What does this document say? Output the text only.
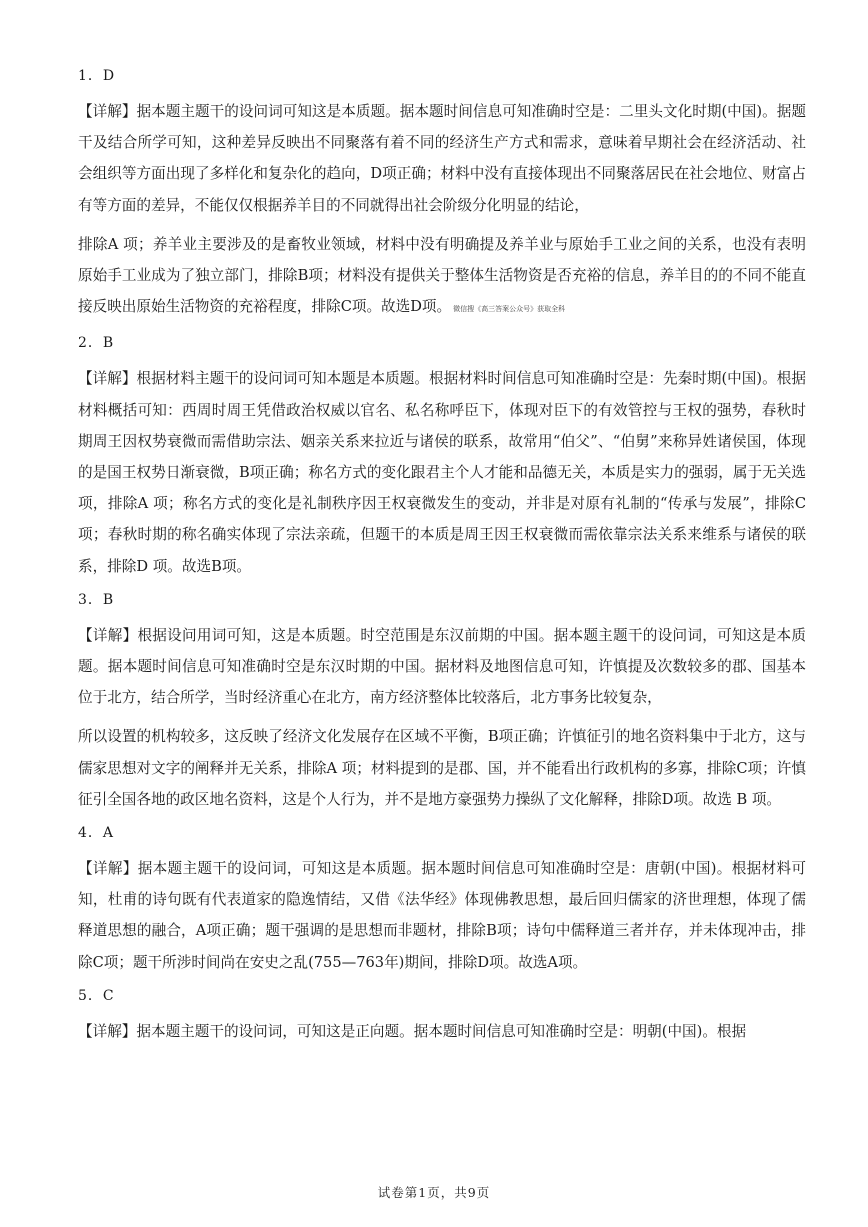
1．D
【详解】据本题主题干的设问词可知这是本质题。据本题时间信息可知准确时空是：二里头文化时期(中国)。据题干及结合所学可知，这种差异反映出不同聚落有着不同的经济生产方式和需求，意味着早期社会在经济活动、社会组织等方面出现了多样化和复杂化的趋向，D项正确；材料中没有直接体现出不同聚落居民在社会地位、财富占有等方面的差异，不能仅仅根据养羊目的不同就得出社会阶级分化明显的结论，
排除A 项；养羊业主要涉及的是畜牧业领域，材料中没有明确提及养羊业与原始手工业之间的关系，也没有表明原始手工业成为了独立部门，排除B项；材料没有提供关于整体生活物资是否充裕的信息，养羊目的的不同不能直接反映出原始生活物资的充裕程度，排除C项。故选D项。 微信搜《高三答案公众号》获取全科
2．B
【详解】根据材料主题干的设问词可知本题是本质题。根据材料时间信息可知准确时空是：先秦时期(中国)。根据材料概括可知：西周时周王凭借政治权威以官名、私名称呼臣下，体现对臣下的有效管控与王权的强势，春秋时期周王因权势衰微而需借助宗法、姻亲关系来拉近与诸侯的联系，故常用“伯父”、“伯舅”来称异姓诸侯国，体现的是国王权势日渐衰微，B项正确；称名方式的变化跟君主个人才能和品德无关，本质是实力的强弱，属于无关选项，排除A 项；称名方式的变化是礼制秩序因王权衰微发生的变动，并非是对原有礼制的“传承与发展”，排除C项；春秋时期的称名确实体现了宗法亲疏，但题干的本质是周王因王权衰微而需依靠宗法关系来维系与诸侯的联系，排除D 项。故选B项。
3．B
【详解】根据设问用词可知，这是本质题。时空范围是东汉前期的中国。据本题主题干的设问词，可知这是本质题。据本题时间信息可知准确时空是东汉时期的中国。据材料及地图信息可知，许慎提及次数较多的郡、国基本位于北方，结合所学，当时经济重心在北方，南方经济整体比较落后，北方事务比较复杂，
所以设置的机构较多，这反映了经济文化发展存在区域不平衡，B项正确；许慎征引的地名资料集中于北方，这与儒家思想对文字的阐释并无关系，排除A 项；材料提到的是郡、国，并不能看出行政机构的多寡，排除C项；许慎征引全国各地的政区地名资料，这是个人行为，并不是地方豪强势力操纵了文化解释，排除D项。故选 B 项。
4．A
【详解】据本题主题干的设问词，可知这是本质题。据本题时间信息可知准确时空是：唐朝(中国)。根据材料可知，杜甫的诗句既有代表道家的隐逸情结，又借《法华经》体现佛教思想，最后回归儒家的济世理想，体现了儒释道思想的融合，A项正确；题干强调的是思想而非题材，排除B项；诗句中儒释道三者并存，并未体现冲击，排除C项；题干所涉时间尚在安史之乱(755—763年)期间，排除D项。故选A项。
5．C
【详解】据本题主题干的设问词，可知这是正向题。据本题时间信息可知准确时空是：明朝(中国)。根据
试卷第1页，共9页
